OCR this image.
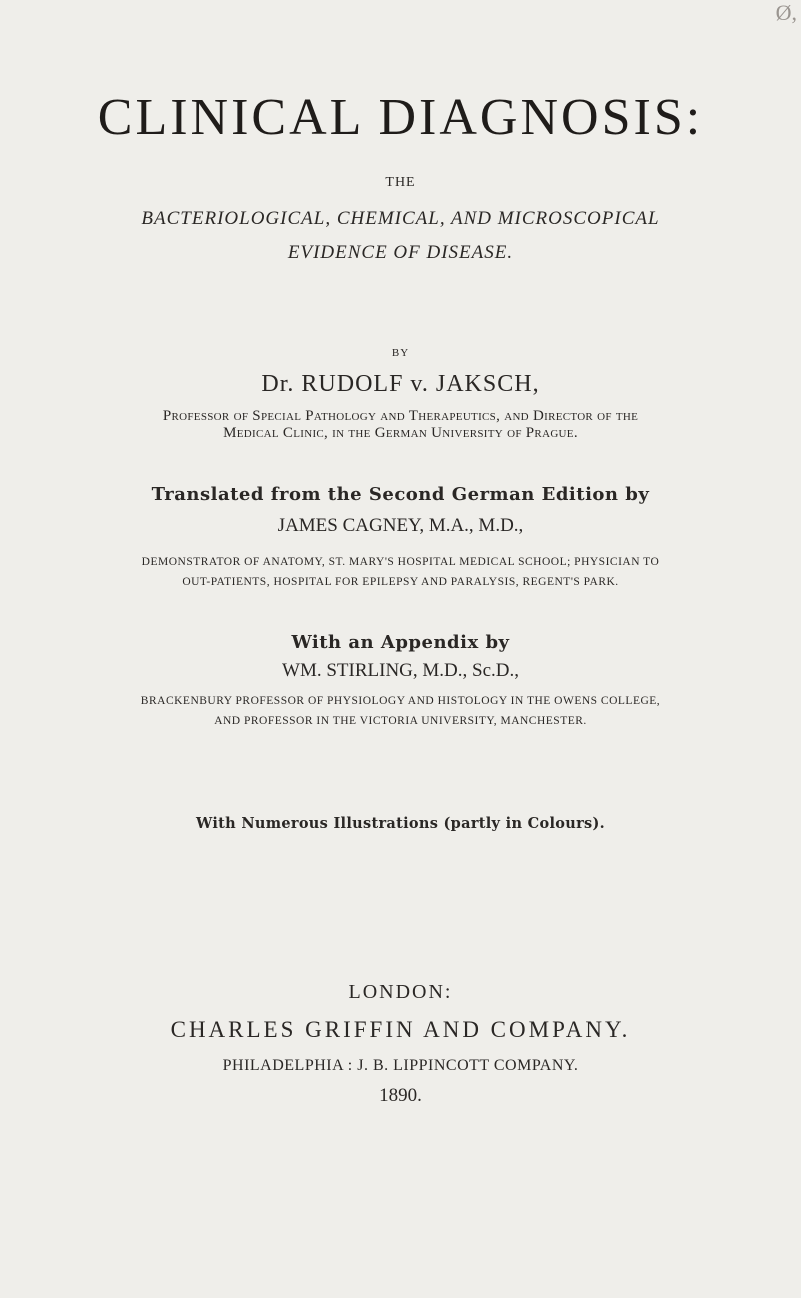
Ø,
CLINICAL DIAGNOSIS:
THE
BACTERIOLOGICAL, CHEMICAL, AND MICROSCOPICAL
EVIDENCE OF DISEASE.
BY
Dr. RUDOLF v. JAKSCH,
Professor of Special Pathology and Therapeutics, and Director of the
Medical Clinic, in the German University of Prague.
Translated from the Second German Edition by
JAMES CAGNEY, M.A., M.D.,
DEMONSTRATOR OF ANATOMY, ST. MARY'S HOSPITAL MEDICAL SCHOOL; PHYSICIAN TO
OUT-PATIENTS, HOSPITAL FOR EPILEPSY AND PARALYSIS, REGENT'S PARK.
With an Appendix by
WM. STIRLING, M.D., Sc.D.,
BRACKENBURY PROFESSOR OF PHYSIOLOGY AND HISTOLOGY IN THE OWENS COLLEGE,
AND PROFESSOR IN THE VICTORIA UNIVERSITY, MANCHESTER.
With Numerous Illustrations (partly in Colours).
LONDON:
CHARLES GRIFFIN AND COMPANY.
PHILADELPHIA : J. B. LIPPINCOTT COMPANY.
1890.
